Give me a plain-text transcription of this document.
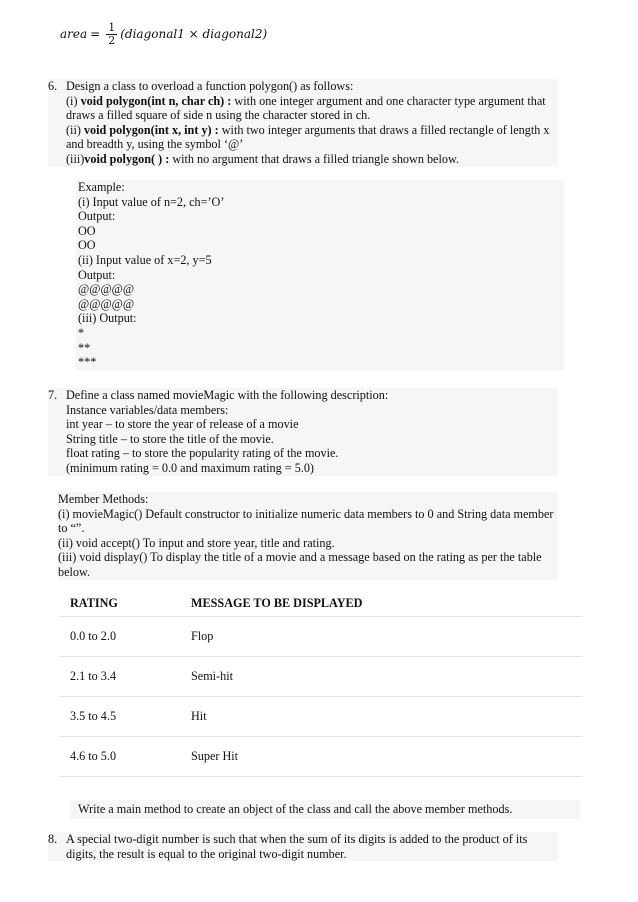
area = $\frac{1}{2}$ (diagonal1 × diagonal2)
6. Design a class to overload a function polygon() as follows:
(i) void polygon(int n, char ch) : with one integer argument and one character type argument that draws a filled square of side n using the character stored in ch.
(ii) void polygon(int x, int y) : with two integer arguments that draws a filled rectangle of length x and breadth y, using the symbol ‘@’
(iii)void polygon( ) : with no argument that draws a filled triangle shown below.
Example:
(i) Input value of n=2, ch=’O’
Output:
OO
OO
(ii) Input value of x=2, y=5
Output:
@@@@@
@@@@@
(iii) Output:
*
**
***
7. Define a class named movieMagic with the following description:
Instance variables/data members:
int year – to store the year of release of a movie
String title – to store the title of the movie.
float rating – to store the popularity rating of the movie.
(minimum rating = 0.0 and maximum rating = 5.0)
Member Methods:
(i) movieMagic() Default constructor to initialize numeric data members to 0 and String data member to “”.
(ii) void accept() To input and store year, title and rating.
(iii) void display() To display the title of a movie and a message based on the rating as per the table below.
RATING	MESSAGE TO BE DISPLAYED
0.0 to 2.0	Flop
2.1 to 3.4	Semi-hit
3.5 to 4.5	Hit
4.6 to 5.0	Super Hit
Write a main method to create an object of the class and call the above member methods.
8. A special two-digit number is such that when the sum of its digits is added to the product of its digits, the result is equal to the original two-digit number.
